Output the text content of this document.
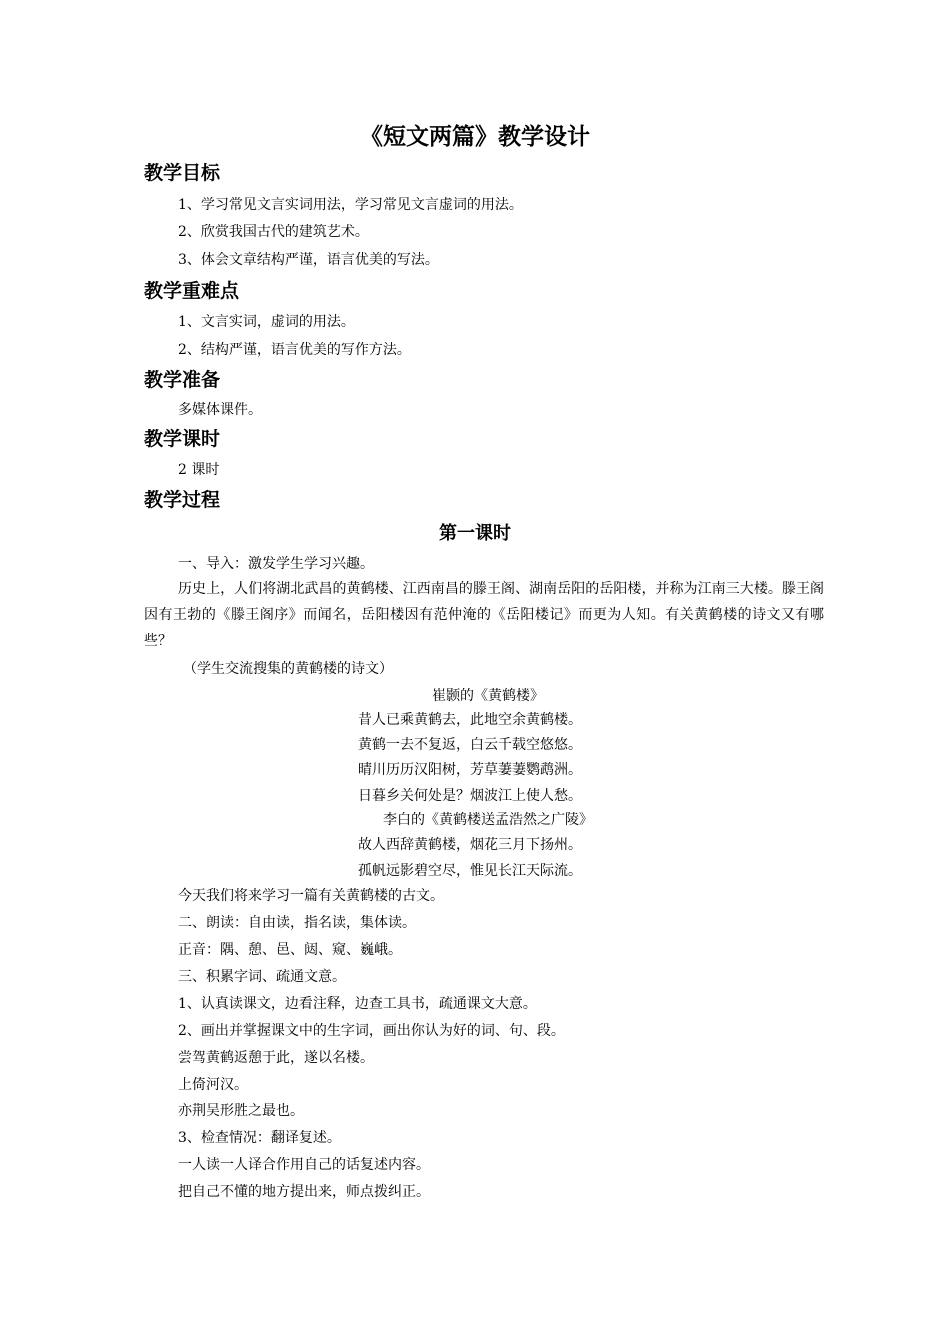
《短文两篇》教学设计
教学目标
1、学习常见文言实词用法，学习常见文言虚词的用法。
2、欣赏我国古代的建筑艺术。
3、体会文章结构严谨，语言优美的写法。
教学重难点
1、文言实词，虚词的用法。
2、结构严谨，语言优美的写作方法。
教学准备
多媒体课件。
教学课时
2 课时
教学过程
第一课时
一、导入：激发学生学习兴趣。
历史上，人们将湖北武昌的黄鹤楼、江西南昌的滕王阁、湖南岳阳的岳阳楼，并称为江南三大楼。滕王阁因有王勃的《滕王阁序》而闻名，岳阳楼因有范仲淹的《岳阳楼记》而更为人知。有关黄鹤楼的诗文又有哪些？
（学生交流搜集的黄鹤楼的诗文）
崔颢的《黄鹤楼》
昔人已乘黄鹤去，此地空余黄鹤楼。
黄鹤一去不复返，白云千载空悠悠。
晴川历历汉阳树，芳草萋萋鹦鹉洲。
日暮乡关何处是？烟波江上使人愁。
李白的《黄鹤楼送孟浩然之广陵》
故人西辞黄鹤楼，烟花三月下扬州。
孤帆远影碧空尽，惟见长江天际流。
今天我们将来学习一篇有关黄鹤楼的古文。
二、朗读：自由读，指名读，集体读。
正音：隅、憩、邑、闼、窥、巍峨。
三、积累字词、疏通文意。
1、认真读课文，边看注释，边查工具书，疏通课文大意。
2、画出并掌握课文中的生字词，画出你认为好的词、句、段。
尝驾黄鹤返憩于此，遂以名楼。
上倚河汉。
亦荆吴形胜之最也。
3、检查情况：翻译复述。
一人读一人译合作用自己的话复述内容。
把自己不懂的地方提出来，师点拨纠正。
